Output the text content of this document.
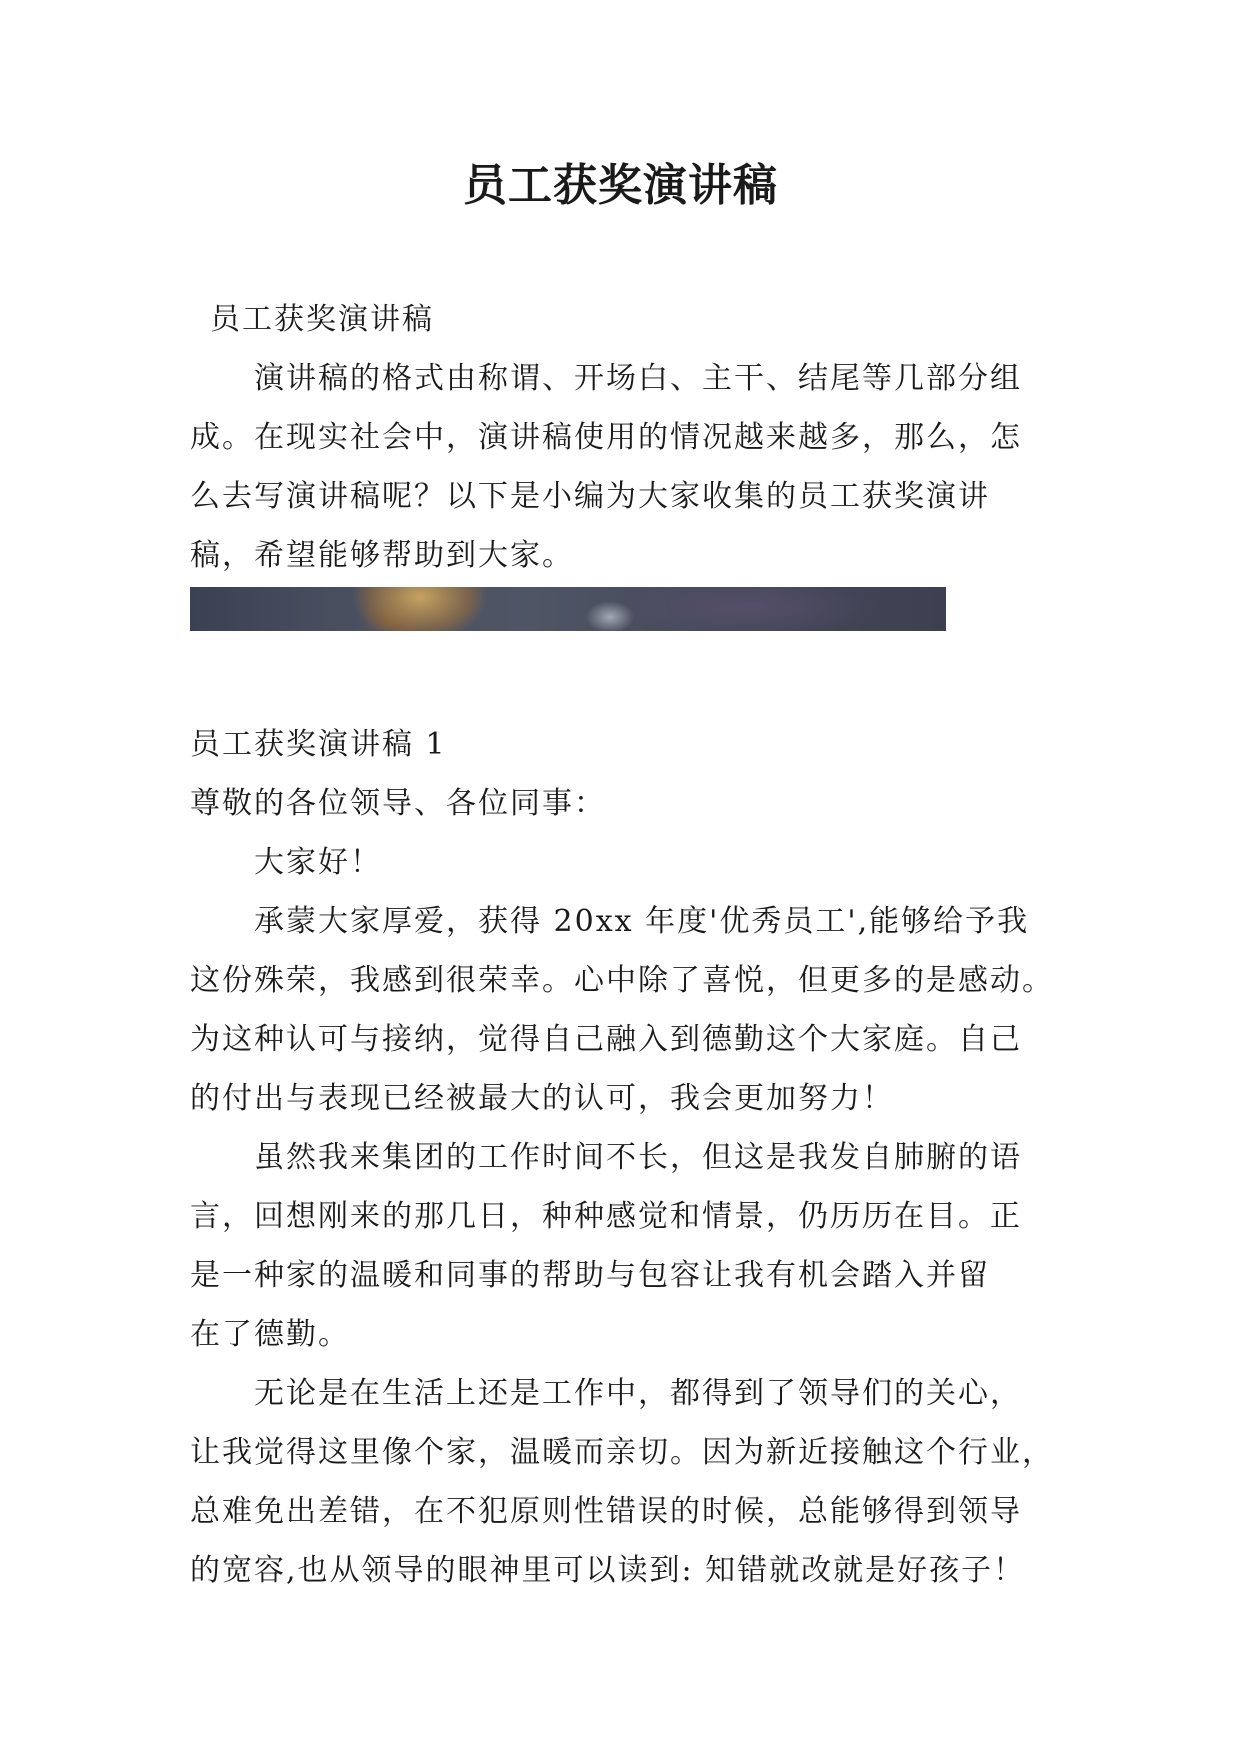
员工获奖演讲稿

员工获奖演讲稿

演讲稿的格式由称谓、开场白、主干、结尾等几部分组

成。在现实社会中，演讲稿使用的情况越来越多，那么，怎

么去写演讲稿呢？以下是小编为大家收集的员工获奖演讲

稿，希望能够帮助到大家。

员工获奖演讲稿 1

尊敬的各位领导、各位同事：

大家好！

承蒙大家厚爱，获得 20xx 年度'优秀员工',能够给予我

这份殊荣，我感到很荣幸。心中除了喜悦，但更多的是感动。

为这种认可与接纳，觉得自己融入到德勤这个大家庭。自己

的付出与表现已经被最大的认可，我会更加努力！

虽然我来集团的工作时间不长，但这是我发自肺腑的语

言，回想刚来的那几日，种种感觉和情景，仍历历在目。正

是一种家的温暖和同事的帮助与包容让我有机会踏入并留

在了德勤。

无论是在生活上还是工作中，都得到了领导们的关心，

让我觉得这里像个家，温暖而亲切。因为新近接触这个行业，

总难免出差错，在不犯原则性错误的时候，总能够得到领导

的宽容,也从领导的眼神里可以读到: 知错就改就是好孩子！
